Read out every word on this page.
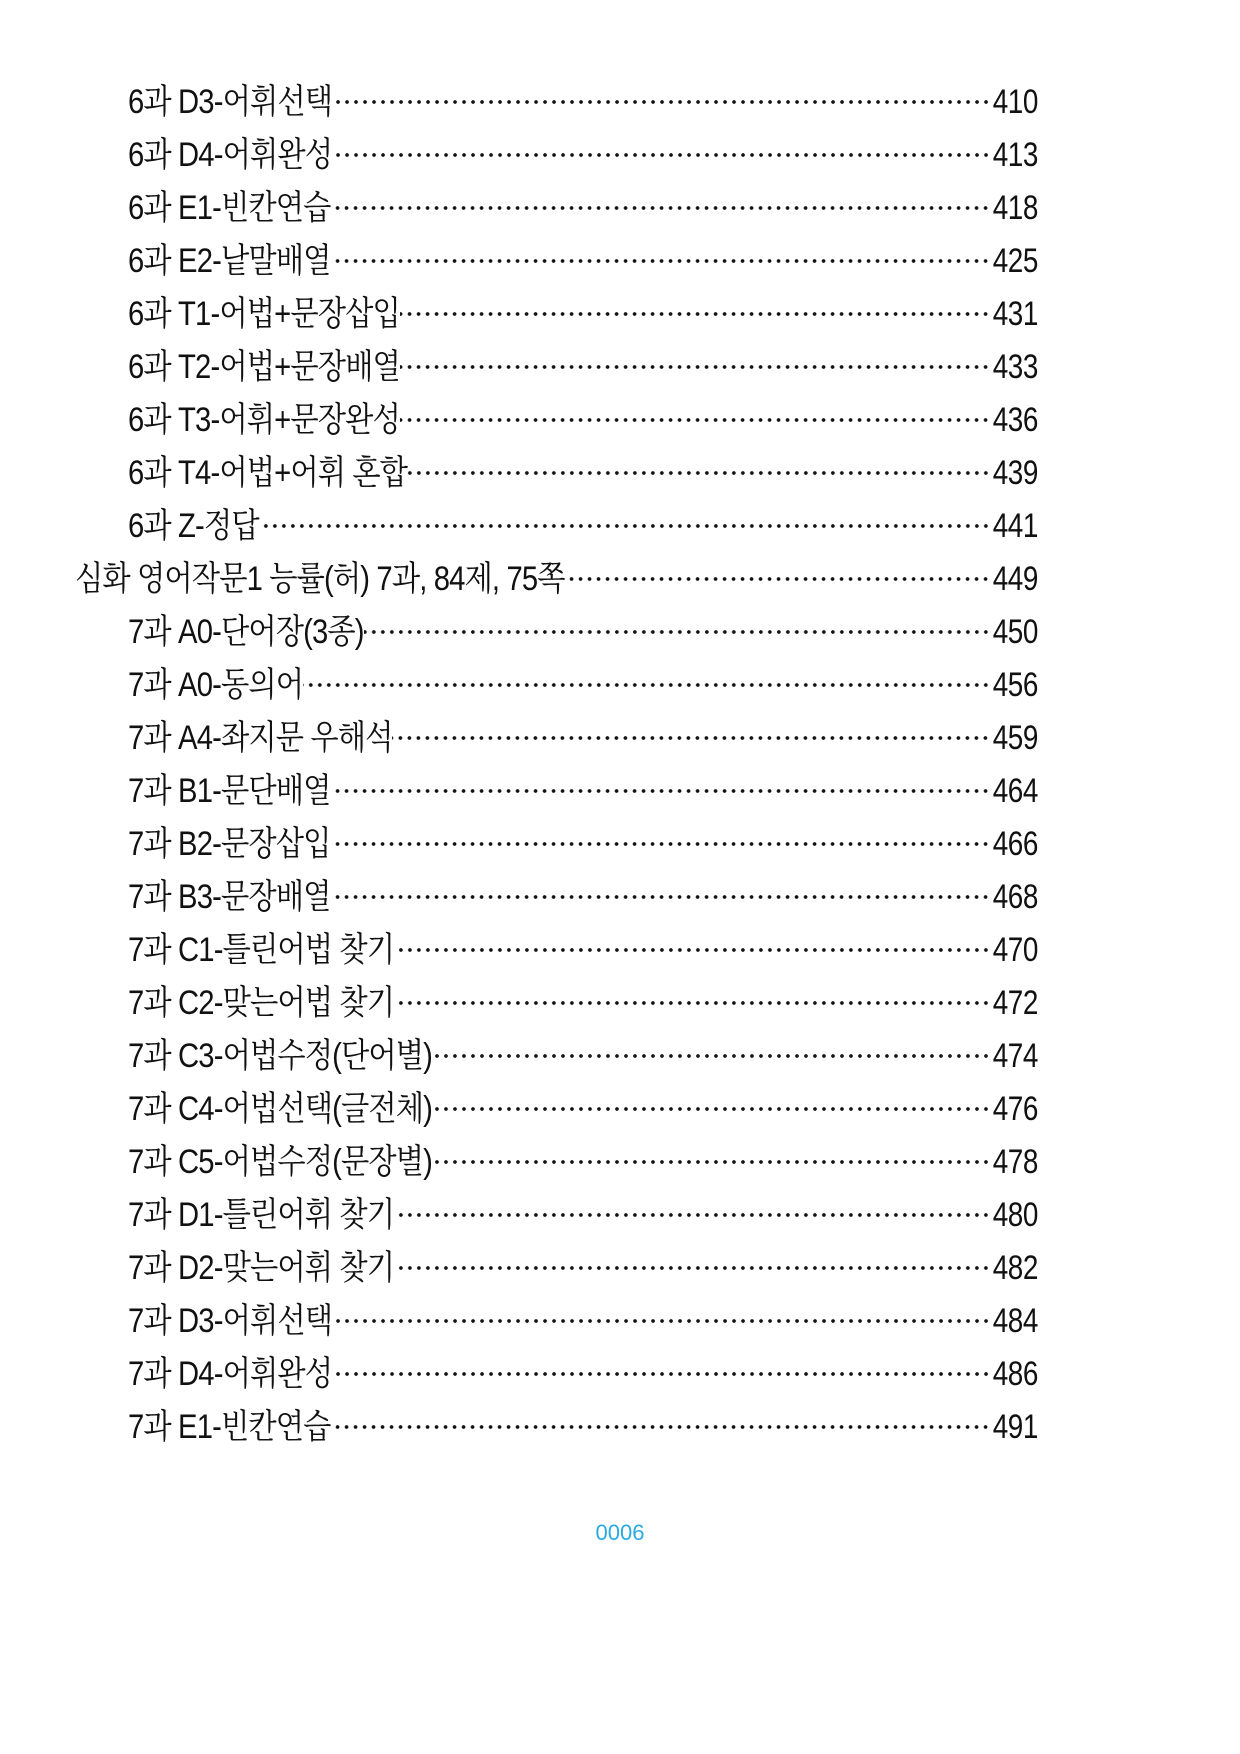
6과 D3-어휘선택	410
6과 D4-어휘완성	413
6과 E1-빈칸연습	418
6과 E2-낱말배열	425
6과 T1-어법+문장삽입	431
6과 T2-어법+문장배열	433
6과 T3-어휘+문장완성	436
6과 T4-어법+어휘 혼합	439
6과 Z-정답	441
심화 영어작문1 능률(허) 7과, 84제, 75쪽	449
7과 A0-단어장(3종)	450
7과 A0-동의어	456
7과 A4-좌지문 우해석	459
7과 B1-문단배열	464
7과 B2-문장삽입	466
7과 B3-문장배열	468
7과 C1-틀린어법 찾기	470
7과 C2-맞는어법 찾기	472
7과 C3-어법수정(단어별)	474
7과 C4-어법선택(글전체)	476
7과 C5-어법수정(문장별)	478
7과 D1-틀린어휘 찾기	480
7과 D2-맞는어휘 찾기	482
7과 D3-어휘선택	484
7과 D4-어휘완성	486
7과 E1-빈칸연습	491
0006
